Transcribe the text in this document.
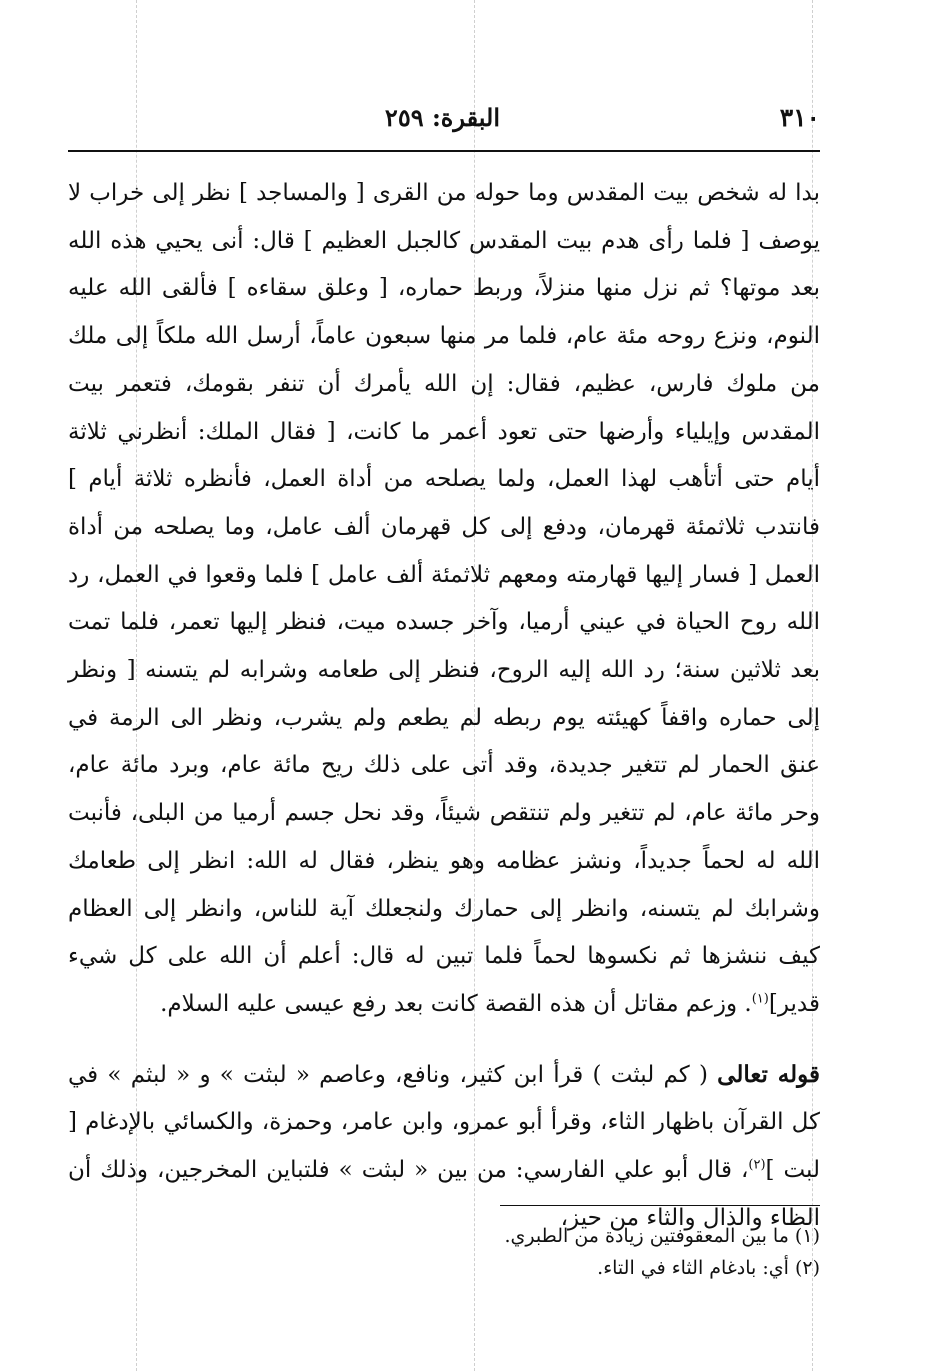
٣١٠
البقرة: ٢٥٩

بدا له شخص بيت المقدس وما حوله من القرى [ والمساجد ] نظر إلى خراب لا يوصف [ فلما رأى هدم بيت المقدس كالجبل العظيم ] قال: أنى يحيي هذه الله بعد موتها؟ ثم نزل منها منزلاً، وربط حماره، [ وعلق سقاءه ] فألقى الله عليه النوم، ونزع روحه مئة عام، فلما مر منها سبعون عاماً، أرسل الله ملكاً إلى ملك من ملوك فارس، عظيم، فقال: إن الله يأمرك أن تنفر بقومك، فتعمر بيت المقدس وإيلياء وأرضها حتى تعود أعمر ما كانت، [ فقال الملك: أنظرني ثلاثة أيام حتى أتأهب لهذا العمل، ولما يصلحه من أداة العمل، فأنظره ثلاثة أيام ] فانتدب ثلاثمئة قهرمان، ودفع إلى كل قهرمان ألف عامل، وما يصلحه من أداة العمل [ فسار إليها قهارمته ومعهم ثلاثمئة ألف عامل ] فلما وقعوا في العمل، رد الله روح الحياة في عيني أرميا، وآخر جسده ميت، فنظر إليها تعمر، فلما تمت بعد ثلاثين سنة؛ رد الله إليه الروح، فنظر إلى طعامه وشرابه لم يتسنه [ ونظر إلى حماره واقفاً كهيئته يوم ربطه لم يطعم ولم يشرب، ونظر الى الرمة في عنق الحمار لم تتغير جديدة، وقد أتى على ذلك ريح مائة عام، وبرد مائة عام، وحر مائة عام، لم تتغير ولم تنتقص شيئاً، وقد نحل جسم أرميا من البلى، فأنبت الله له لحماً جديداً، ونشز عظامه وهو ينظر، فقال له الله: انظر إلى طعامك وشرابك لم يتسنه، وانظر إلى حمارك ولنجعلك آية للناس، وانظر إلى العظام كيف ننشزها ثم نكسوها لحماً فلما تبين له قال: أعلم أن الله على كل شيء قدير]$^{(١)}$. وزعم مقاتل أن هذه القصة كانت بعد رفع عيسى عليه السلام.

قوله تعالى ( كم لبثت ) قرأ ابن كثير، ونافع، وعاصم « لبثت » و « لبثم » في كل القرآن باظهار الثاء، وقرأ أبو عمرو، وابن عامر، وحمزة، والكسائي بالإدغام [ لبت ]$^{(٢)}$، قال أبو علي الفارسي: من بين « لبثت » فلتباين المخرجين، وذلك أن الظاء والذال والثاء من حيز،

(١) ما بين المعقوفتين زيادة من الطبري.

(٢) أي: بادغام الثاء في التاء.
